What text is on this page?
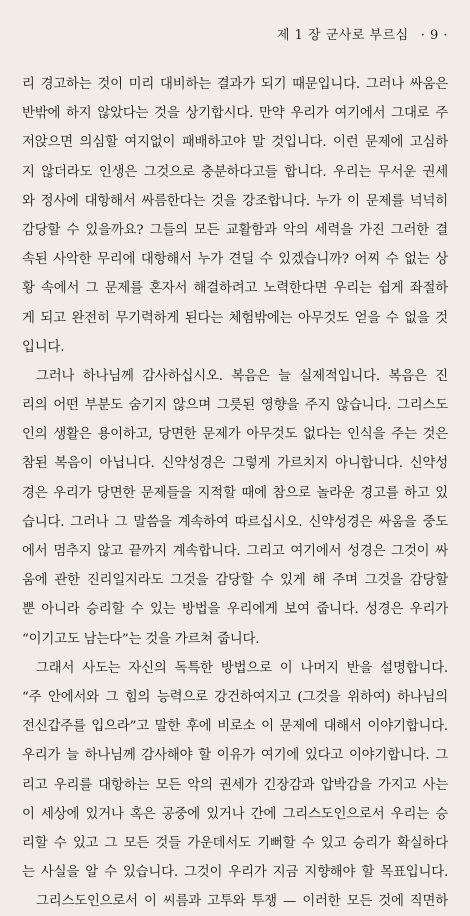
제 1 장 군사로 부르심 · 9 ·
리 경고하는 것이 미리 대비하는 결과가 되기 때문입니다. 그러나 싸움은
반밖에 하지 않았다는 것을 상기합시다. 만약 우리가 여기에서 그대로 주
저앉으면 의심할 여지없이 패배하고야 말 것입니다. 이런 문제에 고심하
지 않더라도 인생은 그것으로 충분하다고들 합니다. 우리는 무서운 권세
와 정사에 대항해서 싸름한다는 것을 강조합니다. 누가 이 문제를 넉넉히
감당할 수 있을까요? 그들의 모든 교활함과 악의 세력을 가진 그러한 결
속된 사악한 무리에 대항해서 누가 견딜 수 있겠습니까? 어찌 수 없는 상
황 속에서 그 문제를 혼자서 해결하려고 노력한다면 우리는 쉽게 좌절하
게 되고 완전히 무기력하게 된다는 체험밖에는 아무것도 얻을 수 없을 것
입니다.
그러나 하나님께 감사하십시오. 복음은 늘 실제적입니다. 복음은 진
리의 어떤 부분도 숨기지 않으며 그릇된 영향을 주지 않습니다. 그리스도
인의 생활은 용이하고, 당면한 문제가 아무것도 없다는 인식을 주는 것은
참된 복음이 아닙니다. 신약성경은 그렇게 가르치지 아니합니다. 신약성
경은 우리가 당면한 문제들을 지적할 때에 참으로 놀라운 경고를 하고 있
습니다. 그러나 그 말씀을 계속하여 따르십시오. 신약성경은 싸움을 중도
에서 멈추지 않고 끝까지 계속합니다. 그리고 여기에서 성경은 그것이 싸
움에 관한 진리일지라도 그것을 감당할 수 있게 해 주며 그것을 감당할
뿐 아니라 승리할 수 있는 방법을 우리에게 보여 줍니다. 성경은 우리가
“이기고도 남는다”는 것을 가르쳐 줍니다.
그래서 사도는 자신의 독특한 방법으로 이 나머지 반을 설명합니다.
“주 안에서와 그 힘의 능력으로 강건하여지고 (그것을 위하여) 하나님의
전신갑주를 입으라”고 말한 후에 비로소 이 문제에 대해서 이야기합니다.
우리가 늘 하나님께 감사해야 할 이유가 여기에 있다고 이야기합니다. 그
리고 우리를 대항하는 모든 악의 권세가 긴장감과 압박감을 가지고 사는
이 세상에 있거나 혹은 공중에 있거나 간에 그리스도인으로서 우리는 승
리할 수 있고 그 모든 것들 가운데서도 기뻐할 수 있고 승리가 확실하다
는 사실을 알 수 있습니다. 그것이 우리가 지금 지향해야 할 목표입니다.
그리스도인으로서 이 씨름과 고투와 투쟁 — 이러한 모든 것에 직면하
